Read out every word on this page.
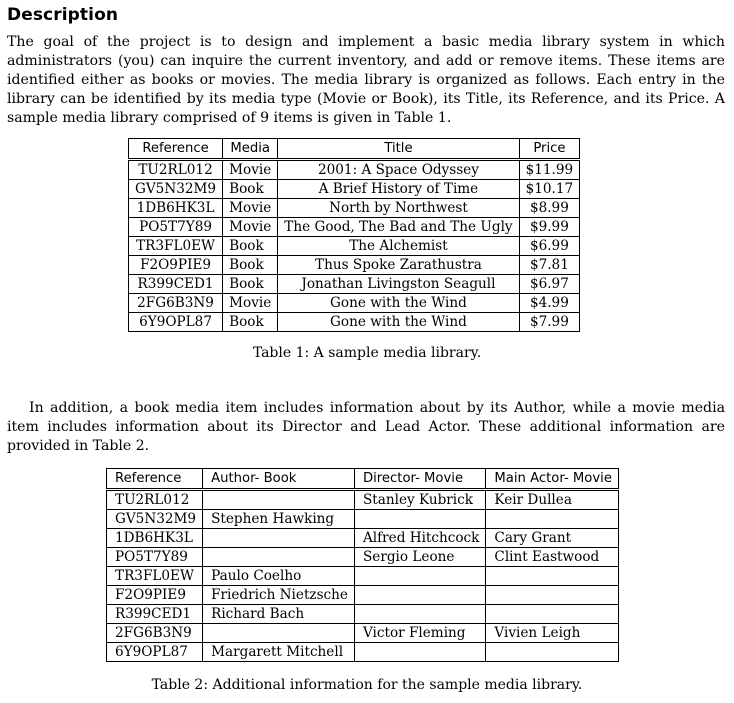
Description

The goal of the project is to design and implement a basic media library system in which administrators (you) can inquire the current inventory, and add or remove items. These items are identified either as books or movies. The media library is organized as follows. Each entry in the library can be identified by its media type (Movie or Book), its Title, its Reference, and its Price. A sample media library comprised of 9 items is given in Table 1.

Reference	Media	Title	Price
TU2RL012	Movie	2001: A Space Odyssey	$11.99
GV5N32M9	Book	A Brief History of Time	$10.17
1DB6HK3L	Movie	North by Northwest	$8.99
PO5T7Y89	Movie	The Good, The Bad and The Ugly	$9.99
TR3FL0EW	Book	The Alchemist	$6.99
F2O9PIE9	Book	Thus Spoke Zarathustra	$7.81
R399CED1	Book	Jonathan Livingston Seagull	$6.97
2FG6B3N9	Movie	Gone with the Wind	$4.99
6Y9OPL87	Book	Gone with the Wind	$7.99

Table 1: A sample media library.

In addition, a book media item includes information about by its Author, while a movie media item includes information about its Director and Lead Actor. These additional information are provided in Table 2.

Reference	Author- Book	Director- Movie	Main Actor- Movie
TU2RL012		Stanley Kubrick	Keir Dullea
GV5N32M9	Stephen Hawking		
1DB6HK3L		Alfred Hitchcock	Cary Grant
PO5T7Y89		Sergio Leone	Clint Eastwood
TR3FL0EW	Paulo Coelho		
F2O9PIE9	Friedrich Nietzsche		
R399CED1	Richard Bach		
2FG6B3N9		Victor Fleming	Vivien Leigh
6Y9OPL87	Margarett Mitchell		

Table 2: Additional information for the sample media library.
